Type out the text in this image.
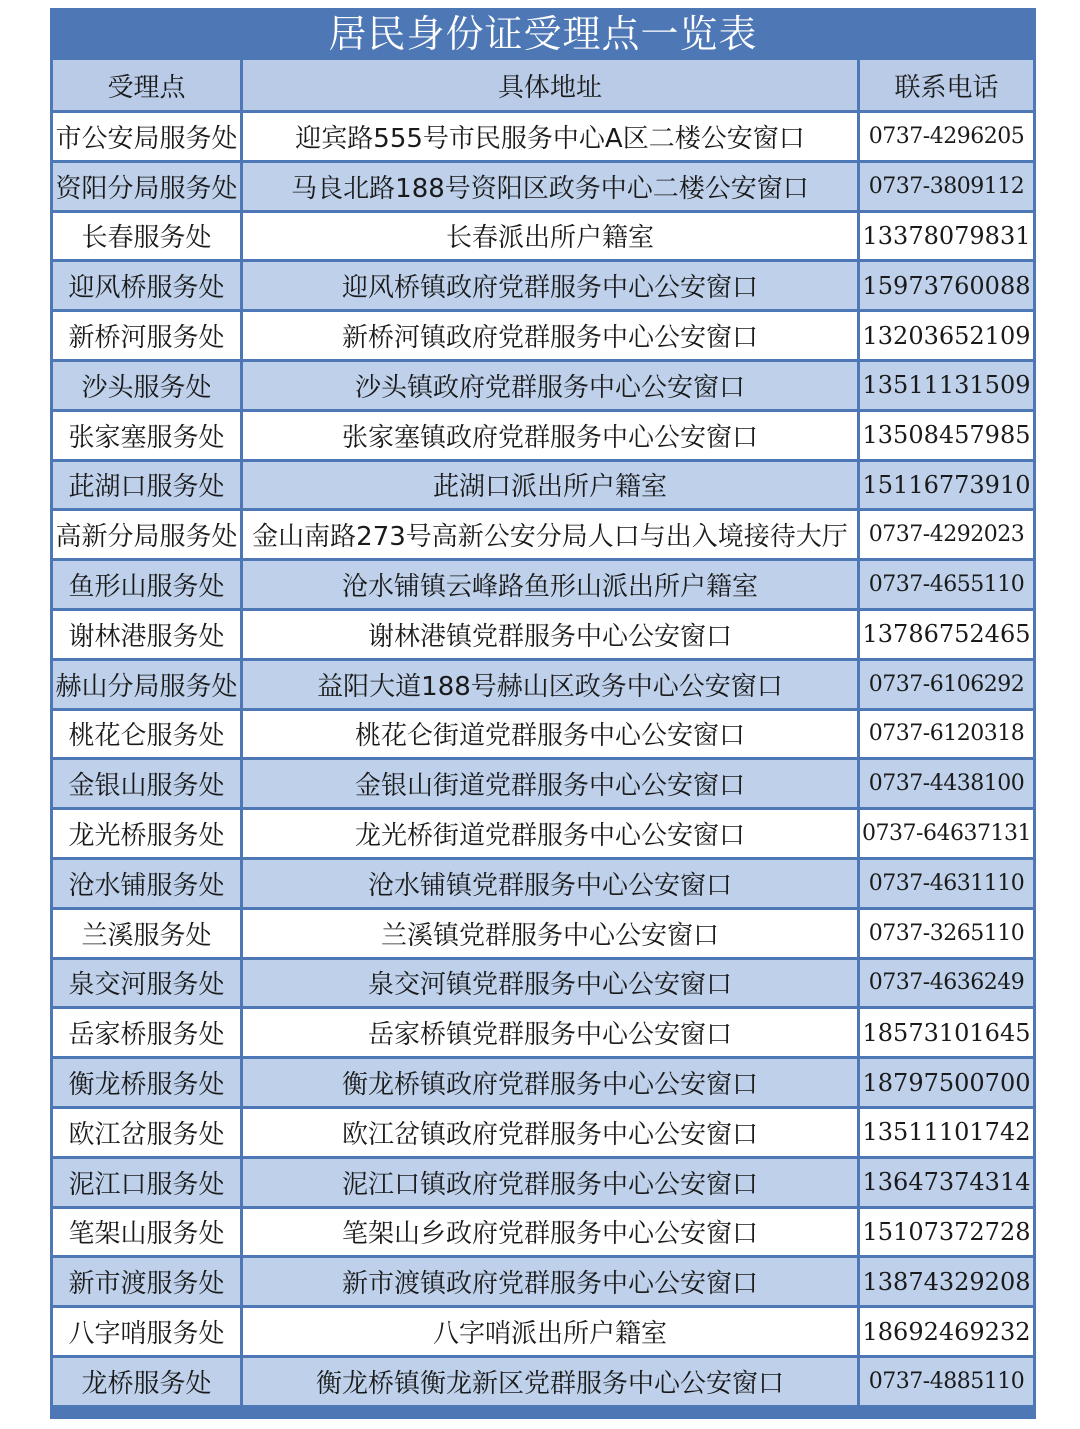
居民身份证受理点一览表
受理点	具体地址	联系电话
市公安局服务处	迎宾路555号市民服务中心A区二楼公安窗口	0737-4296205
资阳分局服务处	马良北路188号资阳区政务中心二楼公安窗口	0737-3809112
长春服务处	长春派出所户籍室	13378079831
迎风桥服务处	迎风桥镇政府党群服务中心公安窗口	15973760088
新桥河服务处	新桥河镇政府党群服务中心公安窗口	13203652109
沙头服务处	沙头镇政府党群服务中心公安窗口	13511131509
张家塞服务处	张家塞镇政府党群服务中心公安窗口	13508457985
茈湖口服务处	茈湖口派出所户籍室	15116773910
高新分局服务处	金山南路273号高新公安分局人口与出入境接待大厅	0737-4292023
鱼形山服务处	沧水铺镇云峰路鱼形山派出所户籍室	0737-4655110
谢林港服务处	谢林港镇党群服务中心公安窗口	13786752465
赫山分局服务处	益阳大道188号赫山区政务中心公安窗口	0737-6106292
桃花仑服务处	桃花仑街道党群服务中心公安窗口	0737-6120318
金银山服务处	金银山街道党群服务中心公安窗口	0737-4438100
龙光桥服务处	龙光桥街道党群服务中心公安窗口	0737-64637131
沧水铺服务处	沧水铺镇党群服务中心公安窗口	0737-4631110
兰溪服务处	兰溪镇党群服务中心公安窗口	0737-3265110
泉交河服务处	泉交河镇党群服务中心公安窗口	0737-4636249
岳家桥服务处	岳家桥镇党群服务中心公安窗口	18573101645
衡龙桥服务处	衡龙桥镇政府党群服务中心公安窗口	18797500700
欧江岔服务处	欧江岔镇政府党群服务中心公安窗口	13511101742
泥江口服务处	泥江口镇政府党群服务中心公安窗口	13647374314
笔架山服务处	笔架山乡政府党群服务中心公安窗口	15107372728
新市渡服务处	新市渡镇政府党群服务中心公安窗口	13874329208
八字哨服务处	八字哨派出所户籍室	18692469232
龙桥服务处	衡龙桥镇衡龙新区党群服务中心公安窗口	0737-4885110
